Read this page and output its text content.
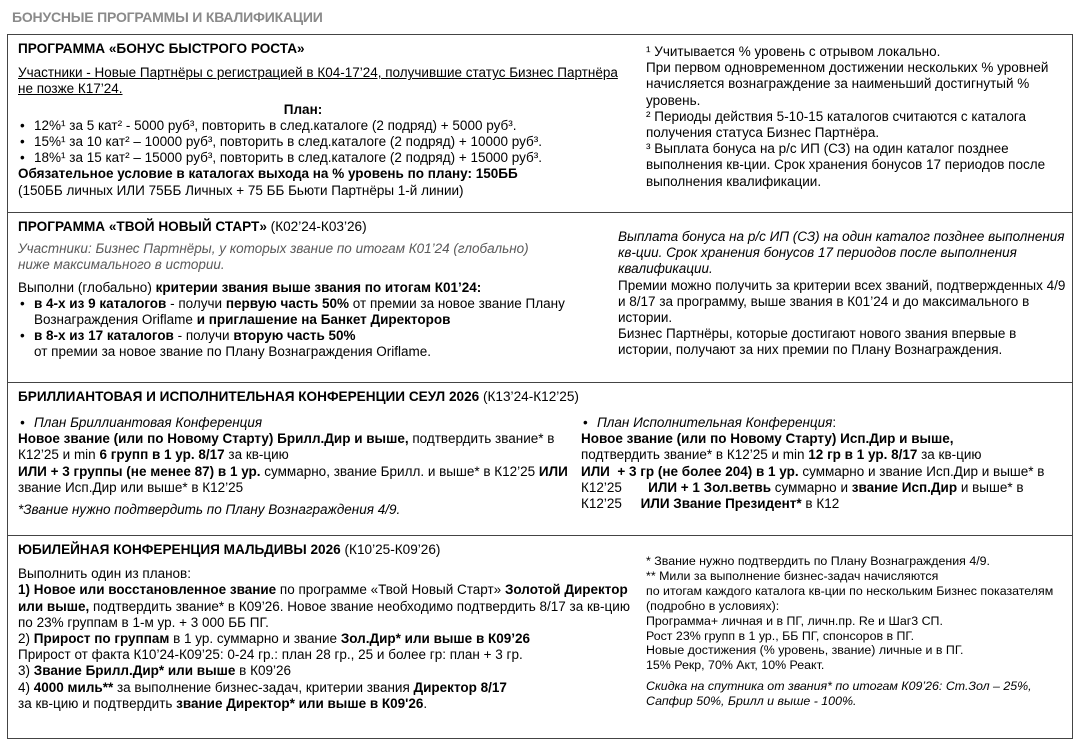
БОНУСНЫЕ ПРОГРАММЫ И КВАЛИФИКАЦИИ

ПРОГРАММА «БОНУС БЫСТРОГО РОСТА»

Участники - Новые Партнёры с регистрацией в К04-17’24, получившие статус Бизнес Партнёра не позже К17’24.

План:

• 12%¹ за 5 кат² - 5000 руб³, повторить в след.каталоге (2 подряд) + 5000 руб³.

• 15%¹ за 10 кат² – 10000 руб³, повторить в след.каталоге (2 подряд) + 10000 руб³.

• 18%¹ за 15 кат² – 15000 руб³, повторить в след.каталоге (2 подряд) + 15000 руб³.

Обязательное условие в каталогах выхода на % уровень по плану: 150ББ

(150ББ личных ИЛИ 75ББ Личных + 75 ББ Бьюти Партнёры 1-й линии)

¹ Учитывается % уровень с отрывом локально.

При первом одновременном достижении нескольких % уровней начисляется вознаграждение за наименьший достигнутый % уровень.

² Периоды действия 5-10-15 каталогов считаются с каталога получения статуса Бизнес Партнёра.

³ Выплата бонуса на р/с ИП (СЗ) на один каталог позднее выполнения кв-ции. Срок хранения бонусов 17 периодов после выполнения квалификации.

ПРОГРАММА «ТВОЙ НОВЫЙ СТАРТ» (К02’24-К03’26)

Участники: Бизнес Партнёры, у которых звание по итогам К01’24 (глобально) ниже максимального в истории.

Выполни (глобально) критерии звания выше звания по итогам К01’24:

• в 4-х из 9 каталогов - получи первую часть 50% от премии за новое звание Плану Вознаграждения Oriflame и приглашение на Банкет Директоров

• в 8-х из 17 каталогов - получи вторую часть 50%

от премии за новое звание по Плану Вознаграждения Oriflame.

Выплата бонуса на р/с ИП (СЗ) на один каталог позднее выполнения кв-ции. Срок хранения бонусов 17 периодов после выполнения квалификации.

Премии можно получить за критерии всех званий, подтвержденных 4/9 и 8/17 за программу, выше звания в К01’24 и до максимального в истории.

Бизнес Партнёры, которые достигают нового звания впервые в истории, получают за них премии по Плану Вознаграждения.

БРИЛЛИАНТОВАЯ И ИСПОЛНИТЕЛЬНАЯ КОНФЕРЕНЦИИ СЕУЛ 2026 (К13’24-К12’25)

• План Бриллиантовая Конференция

Новое звание (или по Новому Старту) Брилл.Дир и выше, подтвердить звание* в К12’25 и min 6 групп в 1 ур. 8/17 за кв-цию

ИЛИ + 3 группы (не менее 87) в 1 ур. суммарно, звание Брилл. и выше* в К12’25 ИЛИ звание Исп.Дир или выше* в К12’25

*Звание нужно подтвердить по Плану Вознаграждения 4/9.

• План Исполнительная Конференция:

Новое звание (или по Новому Старту) Исп.Дир и выше,

подтвердить звание* в К12’25 и min 12 гр в 1 ур. 8/17 за кв-цию

ИЛИ  + 3 гр (не более 204) в 1 ур. суммарно и звание Исп.Дир и выше* в К12’25       ИЛИ + 1 Зол.ветвь суммарно и звание Исп.Дир и выше* в К12’25     ИЛИ Звание Президент* в К12

ЮБИЛЕЙНАЯ КОНФЕРЕНЦИЯ МАЛЬДИВЫ 2026 (К10’25-К09’26)

Выполнить один из планов:

1) Новое или восстановленное звание по программе «Твой Новый Старт» Золотой Директор или выше, подтвердить звание* в К09’26. Новое звание необходимо подтвердить 8/17 за кв-цию по 23% группам в 1-м ур. + 3 000 ББ ПГ.

2) Прирост по группам в 1 ур. суммарно и звание Зол.Дир* или выше в К09’26

Прирост от факта К10’24-К09’25: 0-24 гр.: план 28 гр., 25 и более гр: план + 3 гр.

3) Звание Брилл.Дир* или выше в К09’26

4) 4000 миль** за выполнение бизнес-задач, критерии звания Директор 8/17

за кв-цию и подтвердить звание Директор* или выше в К09'26.

* Звание нужно подтвердить по Плану Вознаграждения 4/9.

** Мили за выполнение бизнес-задач начисляются

по итогам каждого каталога кв-ции по нескольким Бизнес показателям (подробно в условиях):

Программа+ личная и в ПГ, личн.пр. Re и Шаг3 СП.

Рост 23% групп в 1 ур., ББ ПГ, спонсоров в ПГ.

Новые достижения (% уровень, звание) личные и в ПГ.

15% Рекр, 70% Акт, 10% Реакт.

Скидка на спутника от звания* по итогам К09’26: Ст.Зол – 25%, Сапфир 50%, Брилл и выше - 100%.
